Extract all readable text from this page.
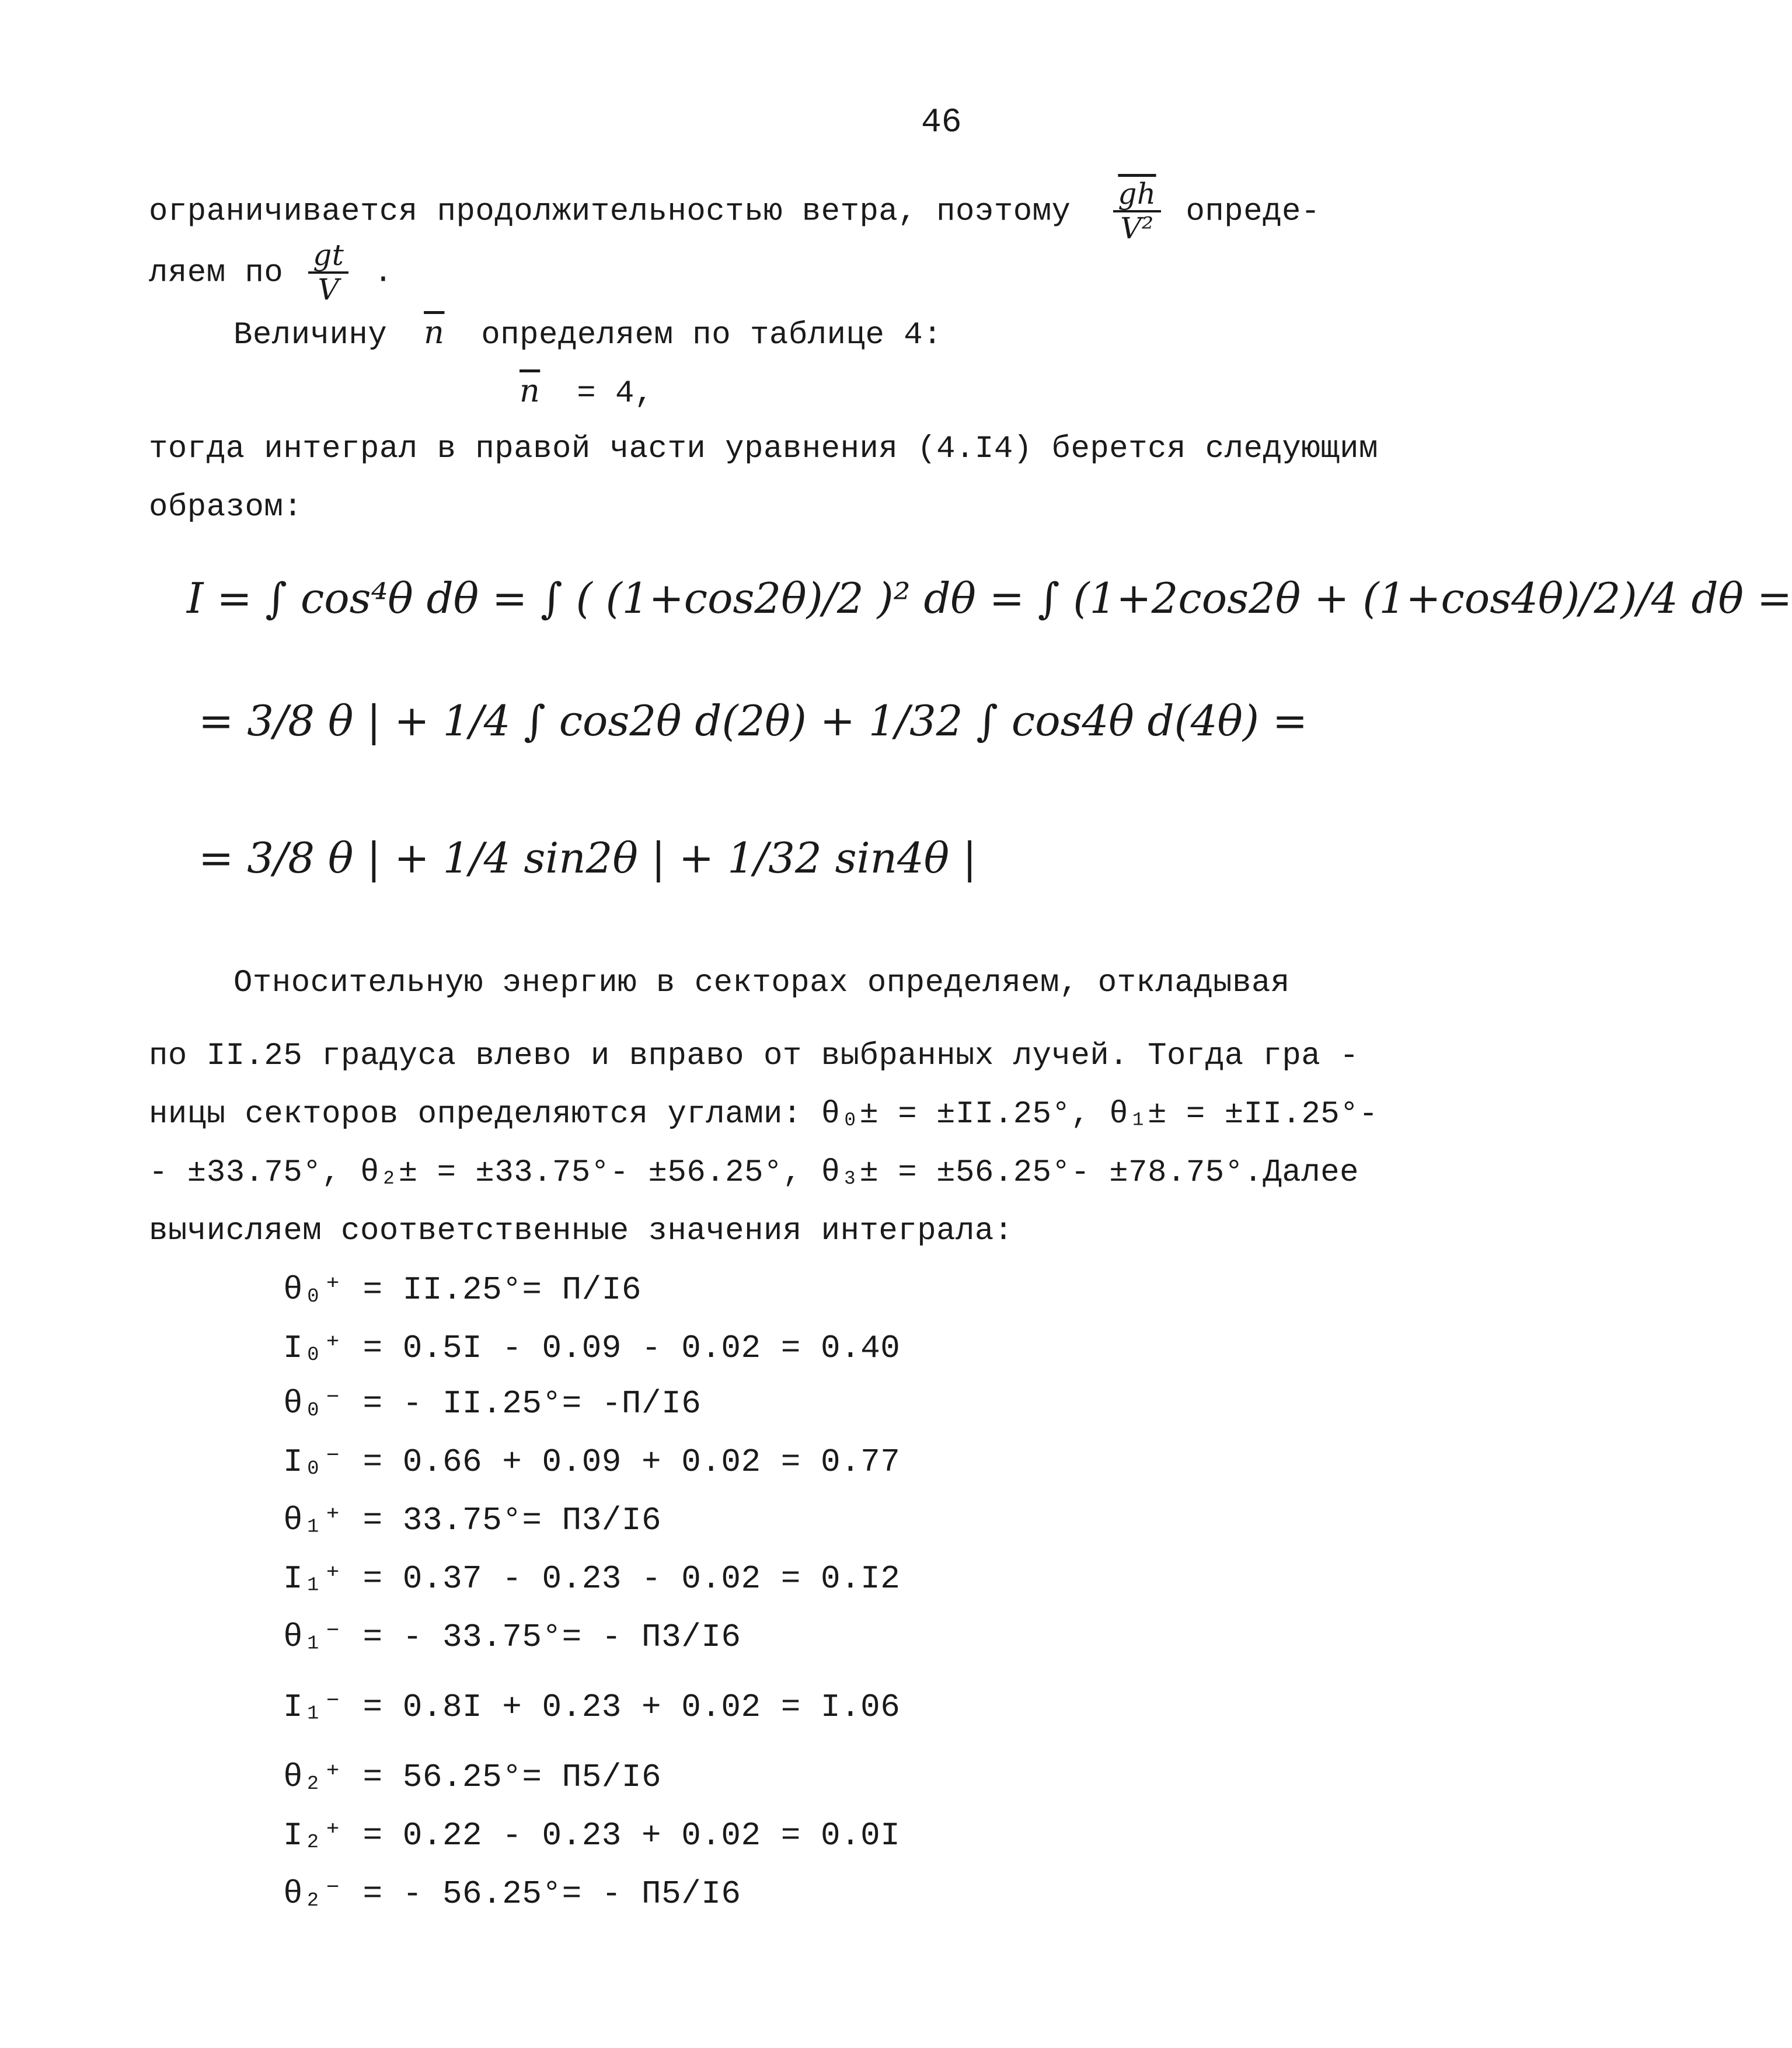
46
ограничивается продолжительностью ветра, поэтому $\frac{\overline{gh}}{\text{V²}}$ опреде-
ляем по $\frac{gt}{V}$ .
Величину $\overline{n}$ определяем по таблице 4:
$\overline{n} = 4$,
тогда интеграл в правой части уравнения (4.I4) берется следующим
образом:
I = ∫ cos⁴θ dθ = ∫ ( (1+cos2θ)/2 )² dθ = ∫ (1+2cos2θ + (1+cos4θ)/2)/4 dθ =
= 3/8 θ | + 1/4 ∫ cos2θ d(2θ) + 1/32 ∫ cos4θ d(4θ) =
= 3/8 θ | + 1/4 sin2θ | + 1/32 sin4θ |
Относительную энергию в секторах определяем, откладывая
по II.25 градуса влево и вправо от выбранных лучей. Тогда гра -
ницы секторов определяются углами: θ₀± = ±II.25°, θ₁± = ±II.25°-
- ±33.75°, θ₂± = ±33.75°- ±56.25°, θ₃± = ±56.25°- ±78.75°.Далее
вычисляем соответственные значения интеграла:
θ₀⁺ = II.25°= П/I6
I₀⁺ = 0.5I - 0.09 - 0.02 = 0.40
θ₀⁻ = - II.25°= -П/I6
I₀⁻ = 0.66 + 0.09 + 0.02 = 0.77
θ₁⁺ = 33.75°= П3/I6
I₁⁺ = 0.37 - 0.23 - 0.02 = 0.I2
θ₁⁻ = - 33.75°= - П3/I6
I₁⁻ = 0.8I + 0.23 + 0.02 = I.06
θ₂⁺ = 56.25°= П5/I6
I₂⁺ = 0.22 - 0.23 + 0.02 = 0.0I
θ₂⁻ = - 56.25°= - П5/I6
